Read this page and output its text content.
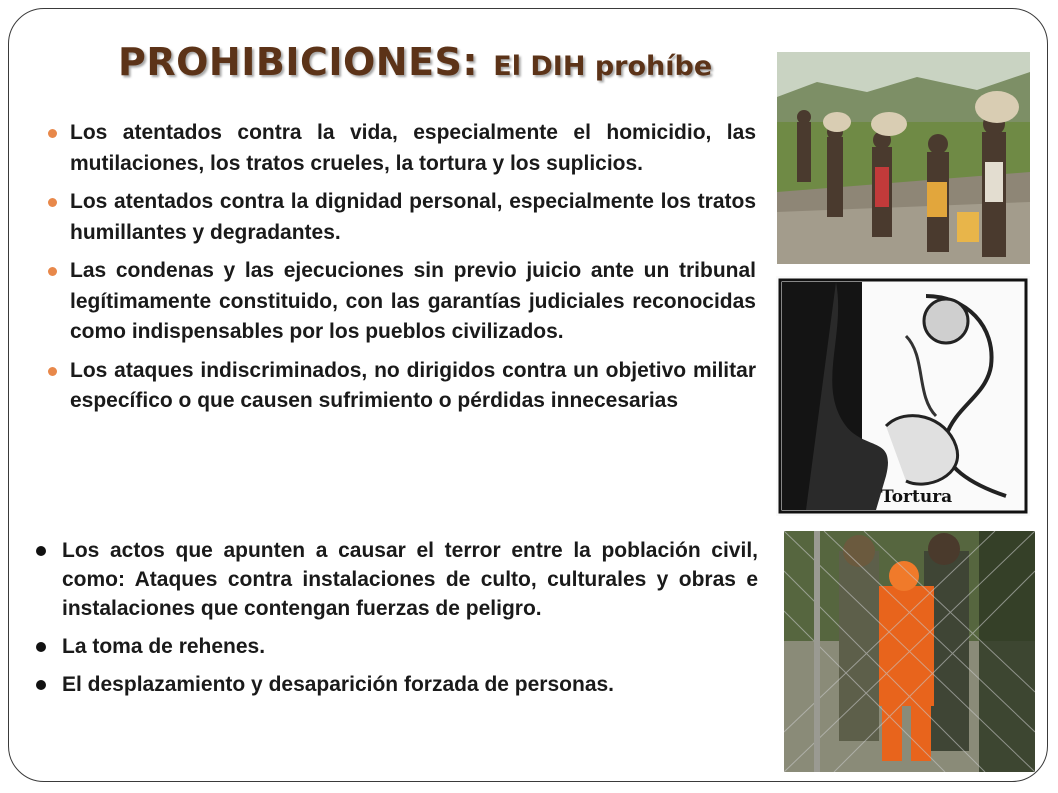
PROHIBICIONES: El DIH prohíbe
Los atentados contra la vida, especialmente el homicidio, las mutilaciones, los tratos crueles, la tortura y los suplicios.
Los atentados contra la dignidad personal, especialmente los tratos humillantes y degradantes.
Las condenas y las ejecuciones sin previo juicio ante un tribunal legítimamente constituido, con las garantías judiciales reconocidas como indispensables por los pueblos civilizados.
Los ataques indiscriminados, no dirigidos contra un objetivo militar específico o que causen sufrimiento o pérdidas innecesarias
Los actos que apunten a causar el terror entre la población civil, como: Ataques contra instalaciones de culto, culturales y obras e instalaciones que contengan fuerzas de peligro.
La toma de rehenes.
El desplazamiento y desaparición forzada de personas.
Tortura
